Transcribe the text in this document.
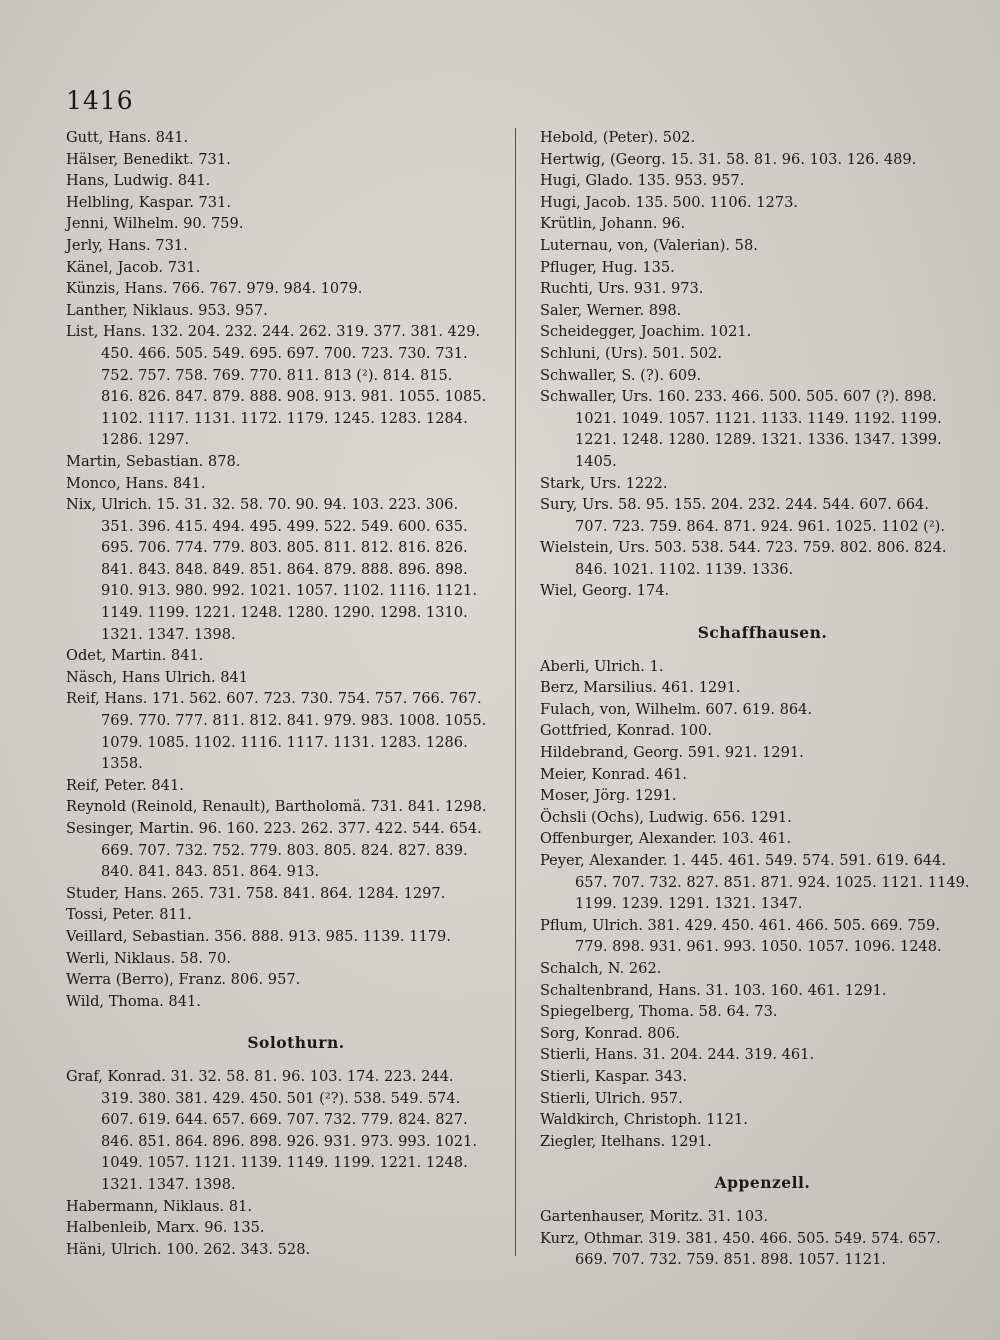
1416
Gutt, Hans. 841.
Hälser, Benedikt. 731.
Hans, Ludwig. 841.
Helbling, Kaspar. 731.
Jenni, Wilhelm. 90. 759.
Jerly, Hans. 731.
Känel, Jacob. 731.
Künzis, Hans. 766. 767. 979. 984. 1079.
Lanther, Niklaus. 953. 957.
List, Hans. 132. 204. 232. 244. 262. 319. 377. 381. 429.
450. 466. 505. 549. 695. 697. 700. 723. 730. 731.
752. 757. 758. 769. 770. 811. 813 (²). 814. 815.
816. 826. 847. 879. 888. 908. 913. 981. 1055. 1085.
1102. 1117. 1131. 1172. 1179. 1245. 1283. 1284.
1286. 1297.
Martin, Sebastian. 878.
Monco, Hans. 841.
Nix, Ulrich. 15. 31. 32. 58. 70. 90. 94. 103. 223. 306.
351. 396. 415. 494. 495. 499. 522. 549. 600. 635.
695. 706. 774. 779. 803. 805. 811. 812. 816. 826.
841. 843. 848. 849. 851. 864. 879. 888. 896. 898.
910. 913. 980. 992. 1021. 1057. 1102. 1116. 1121.
1149. 1199. 1221. 1248. 1280. 1290. 1298. 1310.
1321. 1347. 1398.
Odet, Martin. 841.
Näsch, Hans Ulrich. 841
Reif, Hans. 171. 562. 607. 723. 730. 754. 757. 766. 767.
769. 770. 777. 811. 812. 841. 979. 983. 1008. 1055.
1079. 1085. 1102. 1116. 1117. 1131. 1283. 1286.
1358.
Reif, Peter. 841.
Reynold (Reinold, Renault), Bartholomä. 731. 841. 1298.
Sesinger, Martin. 96. 160. 223. 262. 377. 422. 544. 654.
669. 707. 732. 752. 779. 803. 805. 824. 827. 839.
840. 841. 843. 851. 864. 913.
Studer, Hans. 265. 731. 758. 841. 864. 1284. 1297.
Tossi, Peter. 811.
Veillard, Sebastian. 356. 888. 913. 985. 1139. 1179.
Werli, Niklaus. 58. 70.
Werra (Berro), Franz. 806. 957.
Wild, Thoma. 841.
Solothurn.
Graf, Konrad. 31. 32. 58. 81. 96. 103. 174. 223. 244.
319. 380. 381. 429. 450. 501 (²?). 538. 549. 574.
607. 619. 644. 657. 669. 707. 732. 779. 824. 827.
846. 851. 864. 896. 898. 926. 931. 973. 993. 1021.
1049. 1057. 1121. 1139. 1149. 1199. 1221. 1248.
1321. 1347. 1398.
Habermann, Niklaus. 81.
Halbenleib, Marx. 96. 135.
Häni, Ulrich. 100. 262. 343. 528.
Hebold, (Peter). 502.
Hertwig, (Georg. 15. 31. 58. 81. 96. 103. 126. 489.
Hugi, Glado. 135. 953. 957.
Hugi, Jacob. 135. 500. 1106. 1273.
Krütlin, Johann. 96.
Luternau, von, (Valerian). 58.
Pfluger, Hug. 135.
Ruchti, Urs. 931. 973.
Saler, Werner. 898.
Scheidegger, Joachim. 1021.
Schluni, (Urs). 501. 502.
Schwaller, S. (?). 609.
Schwaller, Urs. 160. 233. 466. 500. 505. 607 (?). 898.
1021. 1049. 1057. 1121. 1133. 1149. 1192. 1199.
1221. 1248. 1280. 1289. 1321. 1336. 1347. 1399.
1405.
Stark, Urs. 1222.
Sury, Urs. 58. 95. 155. 204. 232. 244. 544. 607. 664.
707. 723. 759. 864. 871. 924. 961. 1025. 1102 (²).
Wielstein, Urs. 503. 538. 544. 723. 759. 802. 806. 824.
846. 1021. 1102. 1139. 1336.
Wiel, Georg. 174.
Schaffhausen.
Aberli, Ulrich. 1.
Berz, Marsilius. 461. 1291.
Fulach, von, Wilhelm. 607. 619. 864.
Gottfried, Konrad. 100.
Hildebrand, Georg. 591. 921. 1291.
Meier, Konrad. 461.
Moser, Jörg. 1291.
Öchsli (Ochs), Ludwig. 656. 1291.
Offenburger, Alexander. 103. 461.
Peyer, Alexander. 1. 445. 461. 549. 574. 591. 619. 644.
657. 707. 732. 827. 851. 871. 924. 1025. 1121. 1149.
1199. 1239. 1291. 1321. 1347.
Pflum, Ulrich. 381. 429. 450. 461. 466. 505. 669. 759.
779. 898. 931. 961. 993. 1050. 1057. 1096. 1248.
Schalch, N. 262.
Schaltenbrand, Hans. 31. 103. 160. 461. 1291.
Spiegelberg, Thoma. 58. 64. 73.
Sorg, Konrad. 806.
Stierli, Hans. 31. 204. 244. 319. 461.
Stierli, Kaspar. 343.
Stierli, Ulrich. 957.
Waldkirch, Christoph. 1121.
Ziegler, Itelhans. 1291.
Appenzell.
Gartenhauser, Moritz. 31. 103.
Kurz, Othmar. 319. 381. 450. 466. 505. 549. 574. 657.
669. 707. 732. 759. 851. 898. 1057. 1121.
